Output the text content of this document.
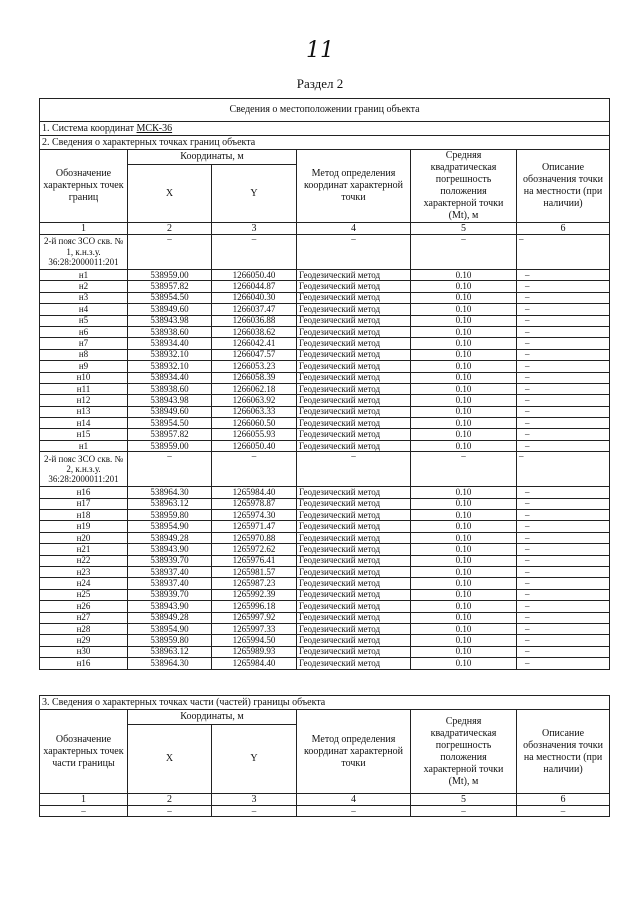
11
Раздел 2
Сведения о местоположении границ объекта					
1. Система координат МСК-36					
2. Сведения о характерных точках границ объекта					
Обозначение характерных точек границ	Координаты, м		Метод определения координат характерной точки	Средняя квадратическая погрешность положения характерной точки (Mt), м	Описание обозначения точки на местности (при наличии)
	X	Y			
1	2	3	4	5	6
2-й пояс ЗСО скв. № 1, к.н.з.у. 36:28:2000011:201	–	–	–	–	–
н1	538959.00	1266050.40	Геодезический метод	0.10	–
н2	538957.82	1266044.87	Геодезический метод	0.10	–
н3	538954.50	1266040.30	Геодезический метод	0.10	–
н4	538949.60	1266037.47	Геодезический метод	0.10	–
н5	538943.98	1266036.88	Геодезический метод	0.10	–
н6	538938.60	1266038.62	Геодезический метод	0.10	–
н7	538934.40	1266042.41	Геодезический метод	0.10	–
н8	538932.10	1266047.57	Геодезический метод	0.10	–
н9	538932.10	1266053.23	Геодезический метод	0.10	–
н10	538934.40	1266058.39	Геодезический метод	0.10	–
н11	538938.60	1266062.18	Геодезический метод	0.10	–
н12	538943.98	1266063.92	Геодезический метод	0.10	–
н13	538949.60	1266063.33	Геодезический метод	0.10	–
н14	538954.50	1266060.50	Геодезический метод	0.10	–
н15	538957.82	1266055.93	Геодезический метод	0.10	–
н1	538959.00	1266050.40	Геодезический метод	0.10	–
2-й пояс ЗСО скв. № 2, к.н.з.у. 36:28:2000011:201	–	–	–	–	–
н16	538964.30	1265984.40	Геодезический метод	0.10	–
н17	538963.12	1265978.87	Геодезический метод	0.10	–
н18	538959.80	1265974.30	Геодезический метод	0.10	–
н19	538954.90	1265971.47	Геодезический метод	0.10	–
н20	538949.28	1265970.88	Геодезический метод	0.10	–
н21	538943.90	1265972.62	Геодезический метод	0.10	–
н22	538939.70	1265976.41	Геодезический метод	0.10	–
н23	538937.40	1265981.57	Геодезический метод	0.10	–
н24	538937.40	1265987.23	Геодезический метод	0.10	–
н25	538939.70	1265992.39	Геодезический метод	0.10	–
н26	538943.90	1265996.18	Геодезический метод	0.10	–
н27	538949.28	1265997.92	Геодезический метод	0.10	–
н28	538954.90	1265997.33	Геодезический метод	0.10	–
н29	538959.80	1265994.50	Геодезический метод	0.10	–
н30	538963.12	1265989.93	Геодезический метод	0.10	–
н16	538964.30	1265984.40	Геодезический метод	0.10	–
3. Сведения о характерных точках части (частей) границы объекта					
Обозначение характерных точек части границы	Координаты, м		Метод определения координат характерной точки	Средняя квадратическая погрешность положения характерной точки (Mt), м	Описание обозначения точки на местности (при наличии)
	X	Y			
1	2	3	4	5	6
–	–	–	–	–	–
